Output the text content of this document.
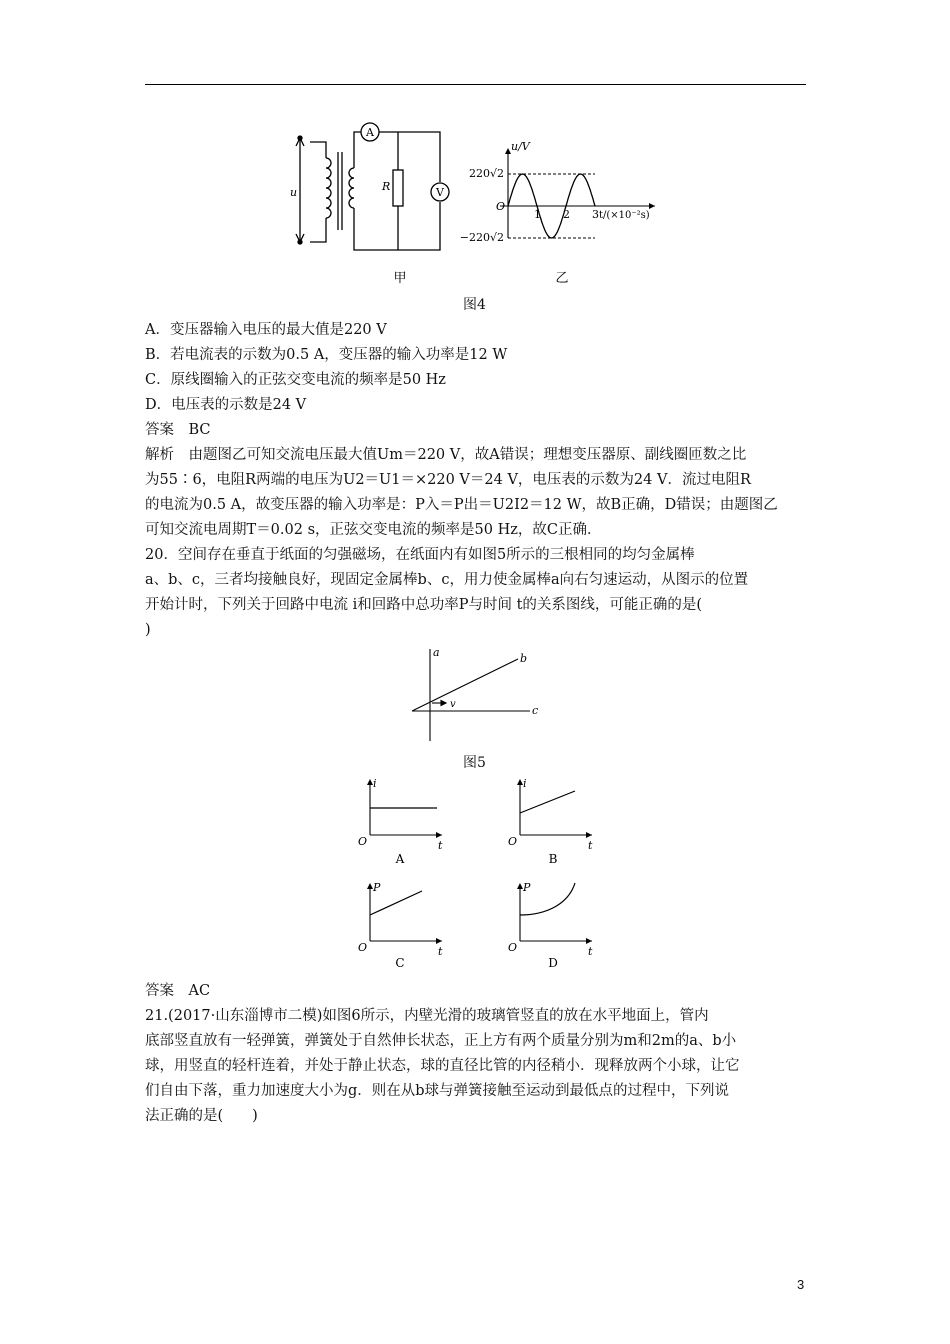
A
V
R
u
u/V
220√2
−220√2
O
1 2 3 t/(×10⁻²s)
甲	乙
图4
A．变压器输入电压的最大值是220 V
B．若电流表的示数为0.5 A，变压器的输入功率是12 W
C．原线圈输入的正弦交变电流的频率是50 Hz
D．电压表的示数是24 V
答案　BC
解析　由题图乙可知交流电压最大值Um＝220 V，故A错误；理想变压器原、副线圈匝数之比
为55∶6，电阻R两端的电压为U2＝U1＝×220 V＝24 V，电压表的示数为24 V．流过电阻R
的电流为0.5 A，故变压器的输入功率是：P入＝P出＝U2I2＝12 W，故B正确，D错误；由题图乙
可知交流电周期T＝0.02 s，正弦交变电流的频率是50 Hz，故C正确．
20．空间存在垂直于纸面的匀强磁场，在纸面内有如图5所示的三根相同的均匀金属棒
a、b、c，三者均接触良好，现固定金属棒b、c，用力使金属棒a向右匀速运动，从图示的位置
开始计时，下列关于回路中电流 i和回路中总功率P与时间 t的关系图线，可能正确的是(
)
a	b
c
v
图5
i
O	t
A
i
O	t
B
P
O	t
C
P
O	t
D
答案　AC
21.(2017·山东淄博市二模)如图6所示，内壁光滑的玻璃管竖直的放在水平地面上，管内
底部竖直放有一轻弹簧，弹簧处于自然伸长状态，正上方有两个质量分别为m和2m的a、b小
球，用竖直的轻杆连着，并处于静止状态，球的直径比管的内径稍小．现释放两个小球，让它
们自由下落，重力加速度大小为g．则在从b球与弹簧接触至运动到最低点的过程中，下列说
法正确的是(　　)
3
